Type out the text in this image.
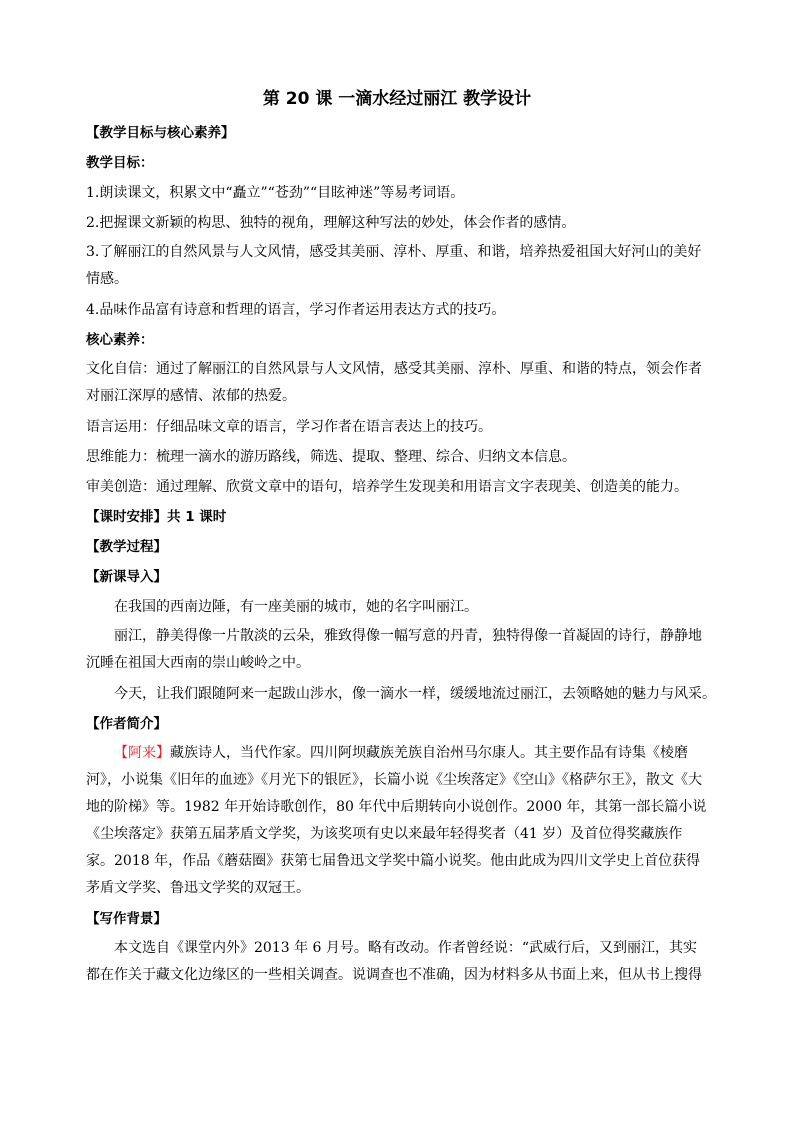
第 20 课 一滴水经过丽江 教学设计

【教学目标与核心素养】

教学目标：

1.朗读课文，积累文中“矗立”“苍劲”“目眩神迷”等易考词语。

2.把握课文新颖的构思、独特的视角，理解这种写法的妙处，体会作者的感情。

3.了解丽江的自然风景与人文风情，感受其美丽、淳朴、厚重、和谐，培养热爱祖国大好河山的美好情感。

4.品味作品富有诗意和哲理的语言，学习作者运用表达方式的技巧。

核心素养：

文化自信：通过了解丽江的自然风景与人文风情，感受其美丽、淳朴、厚重、和谐的特点，领会作者对丽江深厚的感情、浓郁的热爱。

语言运用：仔细品味文章的语言，学习作者在语言表达上的技巧。

思维能力：梳理一滴水的游历路线，筛选、提取、整理、综合、归纳文本信息。

审美创造：通过理解、欣赏文章中的语句，培养学生发现美和用语言文字表现美、创造美的能力。

【课时安排】共 1 课时

【教学过程】

【新课导入】

在我国的西南边陲，有一座美丽的城市，她的名字叫丽江。

丽江，静美得像一片散淡的云朵，雅致得像一幅写意的丹青，独特得像一首凝固的诗行，静静地沉睡在祖国大西南的崇山峻岭之中。

今天，让我们跟随阿来一起跋山涉水，像一滴水一样，缓缓地流过丽江，去领略她的魅力与风采。

【作者简介】

【阿来】藏族诗人，当代作家。四川阿坝藏族羌族自治州马尔康人。其主要作品有诗集《棱磨河》，小说集《旧年的血迹》《月光下的银匠》，长篇小说《尘埃落定》《空山》《格萨尔王》，散文《大地的阶梯》等。1982 年开始诗歌创作，80 年代中后期转向小说创作。2000 年，其第一部长篇小说《尘埃落定》获第五届茅盾文学奖，为该奖项有史以来最年轻得奖者（41 岁）及首位得奖藏族作家。2018 年，作品《蘑菇圈》获第七届鲁迅文学奖中篇小说奖。他由此成为四川文学史上首位获得茅盾文学奖、鲁迅文学奖的双冠王。

【写作背景】

本文选自《课堂内外》2013 年 6 月号。略有改动。作者曾经说：“武威行后，又到丽江，其实都在作关于藏文化边缘区的一些相关调查。说调查也不准确，因为材料多从书面上来，但从书上搜得
